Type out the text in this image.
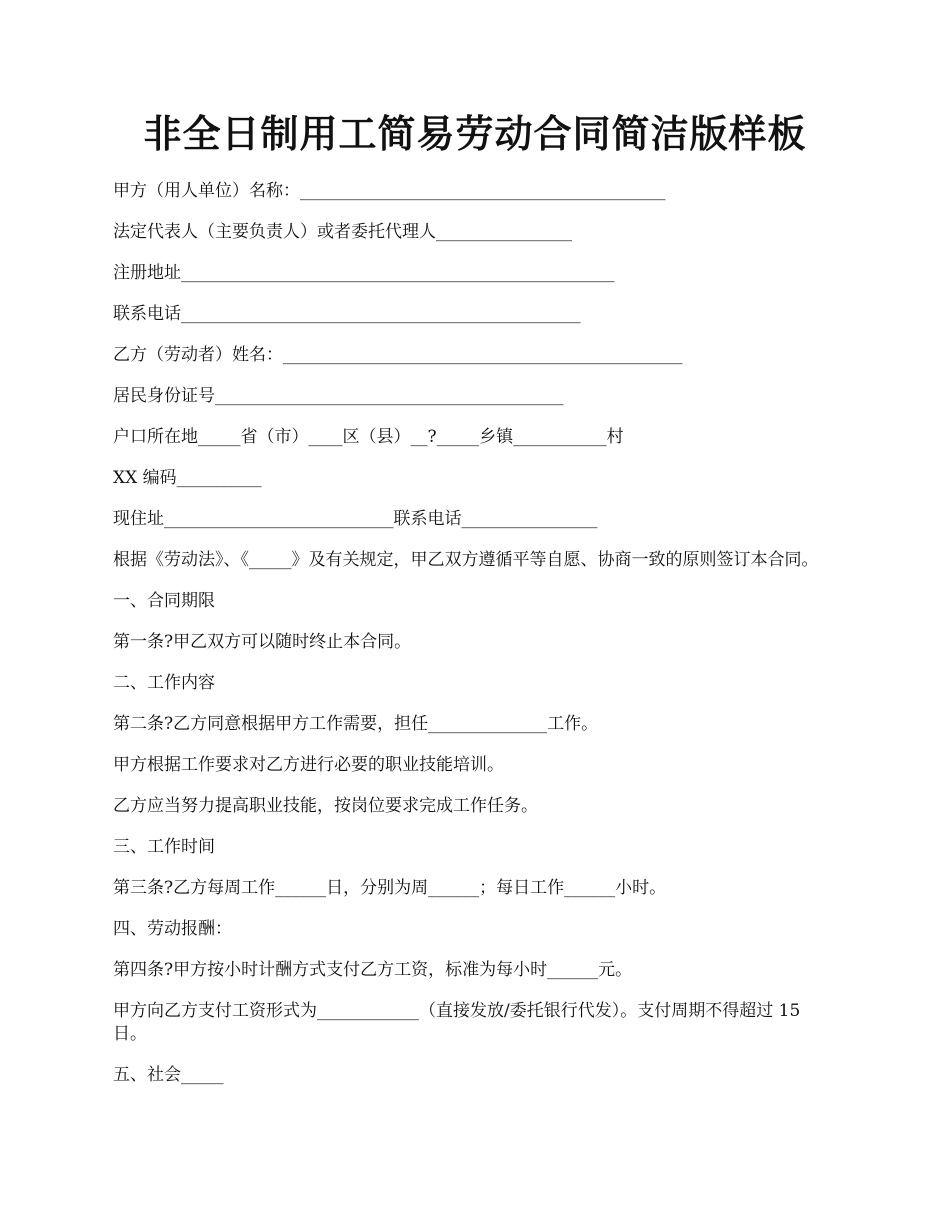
非全日制用工简易劳动合同简洁版样板
甲方（用人单位）名称：___________________________________________
法定代表人（主要负责人）或者委托代理人________________
注册地址___________________________________________________
联系电话_______________________________________________
乙方（劳动者）姓名：_______________________________________________
居民身份证号_________________________________________
户口所在地_____省（市）____区（县）__?_____乡镇___________村
XX 编码__________
现住址___________________________联系电话________________
根据《劳动法》、《_____》及有关规定，甲乙双方遵循平等自愿、协商一致的原则签订本合同。
一、合同期限
第一条?甲乙双方可以随时终止本合同。
二、工作内容
第二条?乙方同意根据甲方工作需要，担任______________工作。
甲方根据工作要求对乙方进行必要的职业技能培训。
乙方应当努力提高职业技能，按岗位要求完成工作任务。
三、工作时间
第三条?乙方每周工作______日，分别为周______；每日工作______小时。
四、劳动报酬：
第四条?甲方按小时计酬方式支付乙方工资，标准为每小时______元。
甲方向乙方支付工资形式为____________（直接发放/委托银行代发）。支付周期不得超过 15 日。
五、社会_____
